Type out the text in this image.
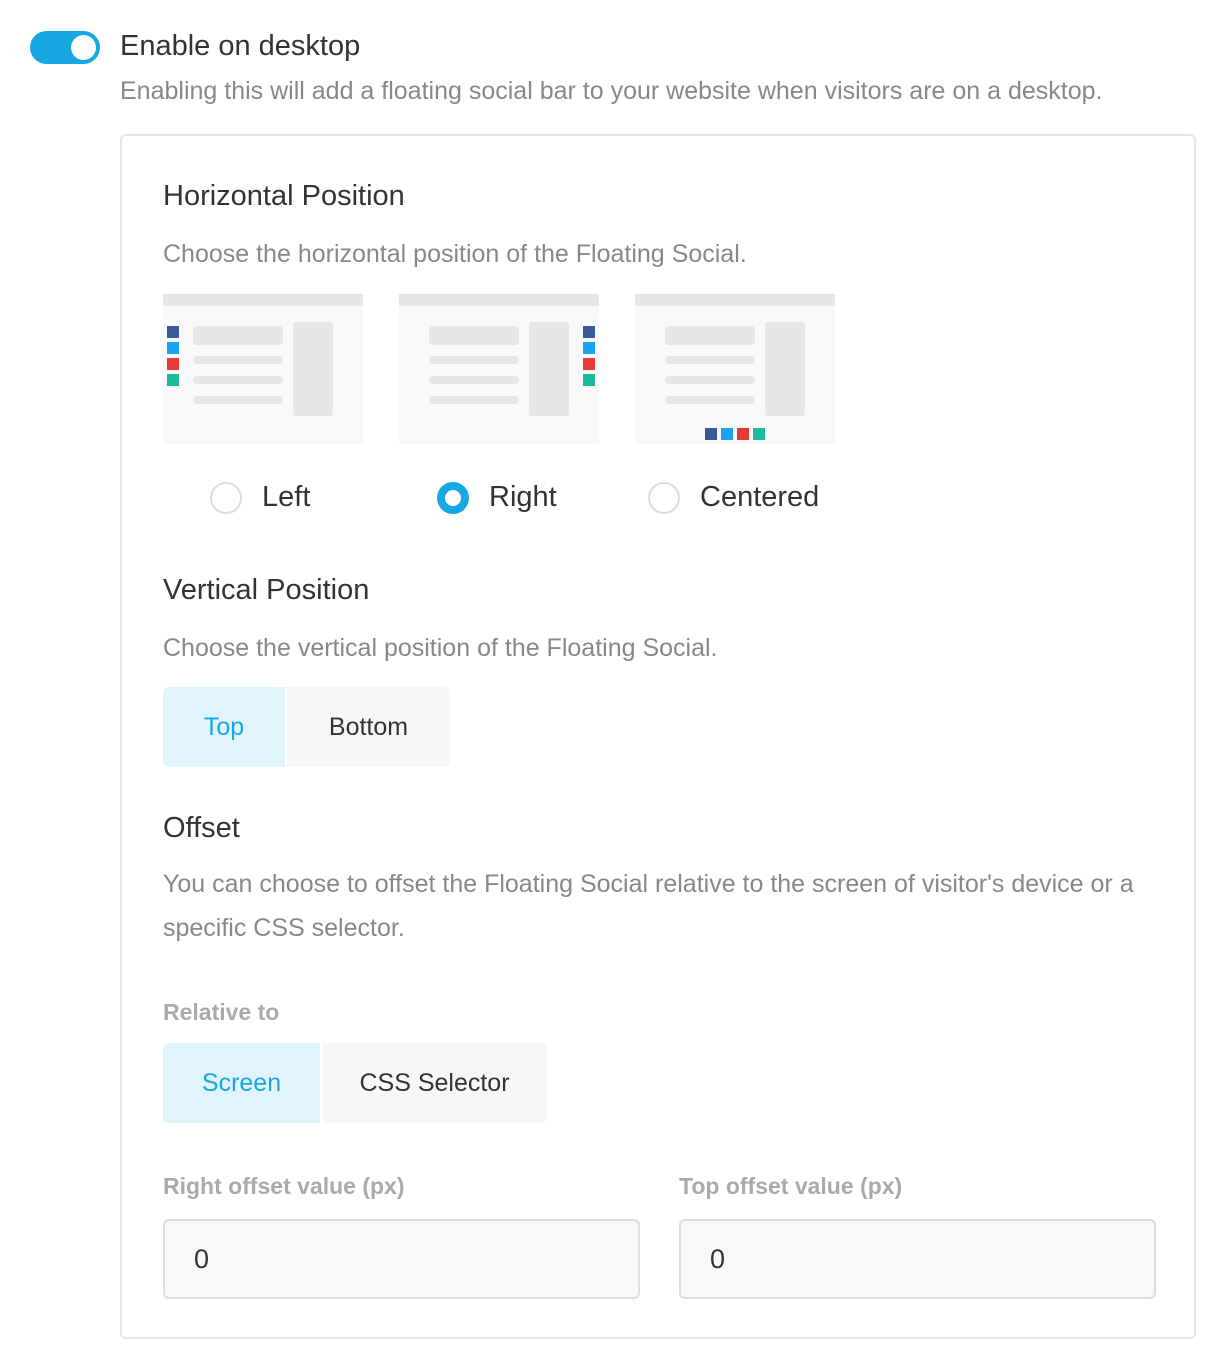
Enable on desktop
Enabling this will add a floating social bar to your website when visitors are on a desktop.
Horizontal Position
Choose the horizontal position of the Floating Social.
Left	Right	Centered
Vertical Position
Choose the vertical position of the Floating Social.
Top	Bottom
Offset
You can choose to offset the Floating Social relative to the screen of visitor's device or a specific CSS selector.
Relative to
Screen	CSS Selector
Right offset value (px)	Top offset value (px)
0
0
